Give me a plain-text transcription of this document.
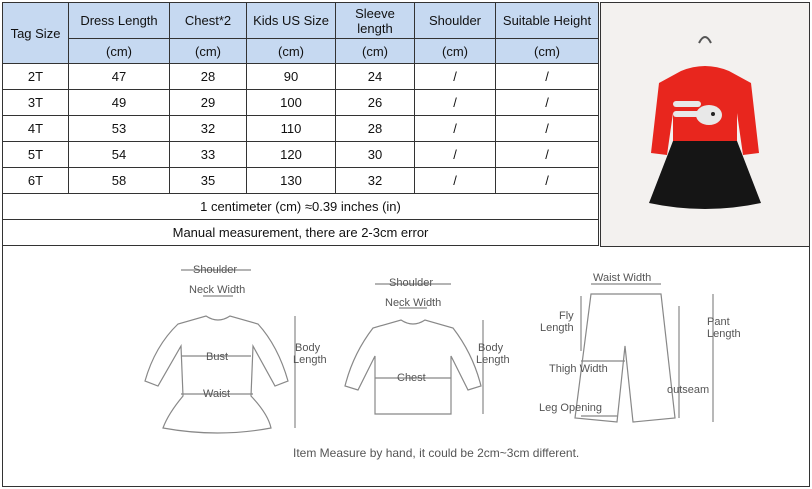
Tag Size	Dress Length	Chest*2	Kids US Size	Sleeve length	Shoulder	Suitable Height
	(cm)	(cm)	(cm)	(cm)	(cm)	(cm)
2T	47	28	90	24	/	/
3T	49	29	100	26	/	/
4T	53	32	110	28	/	/
5T	54	33	120	30	/	/
6T	58	35	130	32	/	/
1 centimeter (cm) ≈0.39 inches (in)						
Manual measurement, there are 2-3cm error						
Shoulder
Neck Width
Bust
Waist
Body
Length
Shoulder
Neck Width
Chest
Body
Length
Waist Width
Fly
Length
Thigh Width
Leg Opening
outseam
Pant
Length
Item Measure by hand, it could be 2cm~3cm different.
